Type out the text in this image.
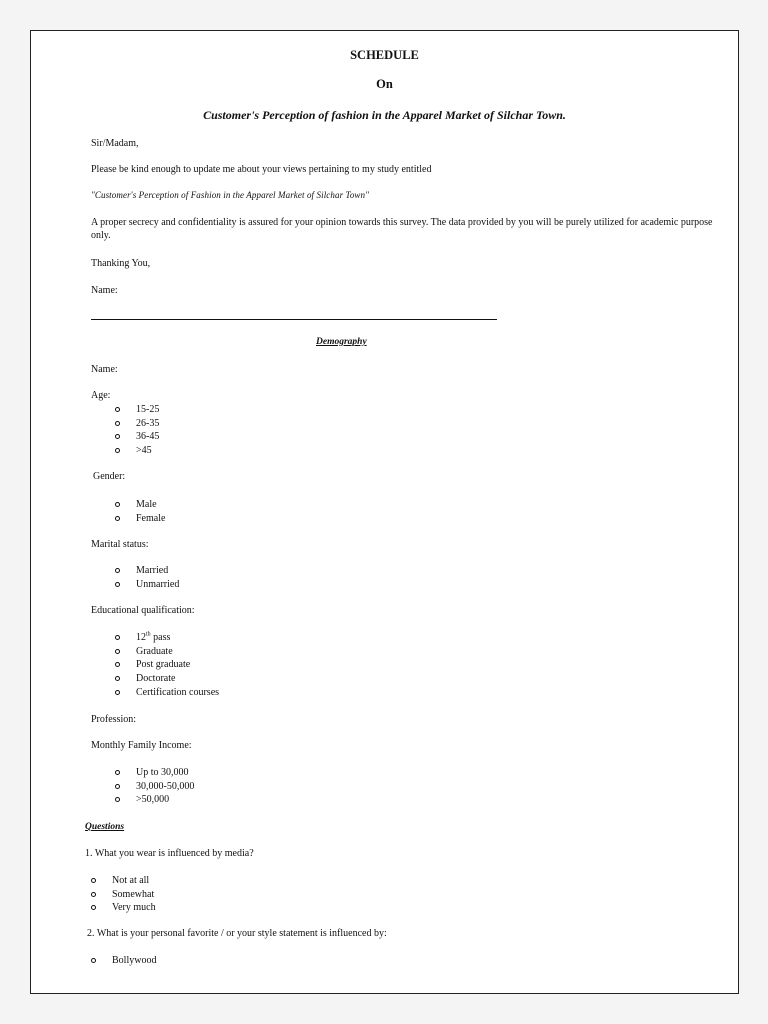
SCHEDULE
On
Customer's Perception of fashion in the Apparel Market of Silchar Town.
Sir/Madam,
Please be kind enough to update me about your views pertaining to my study entitled
"Customer's Perception of Fashion in the Apparel Market of Silchar Town"
A proper secrecy and confidentiality is assured for your opinion towards this survey. The data provided by you will be purely utilized for academic purpose only.
Thanking You,
Name:
Demography
Name:
Age:
15-25
26-35
36-45
>45
Gender:
Male
Female
Marital status:
Married
Unmarried
Educational qualification:
12th pass
Graduate
Post graduate
Doctorate
Certification courses
Profession:
Monthly Family Income:
Up to 30,000
30,000-50,000
>50,000
Questions
1. What you wear is influenced by media?
Not at all
Somewhat
Very much
2. What is your personal favorite / or your style statement is influenced by:
Bollywood
